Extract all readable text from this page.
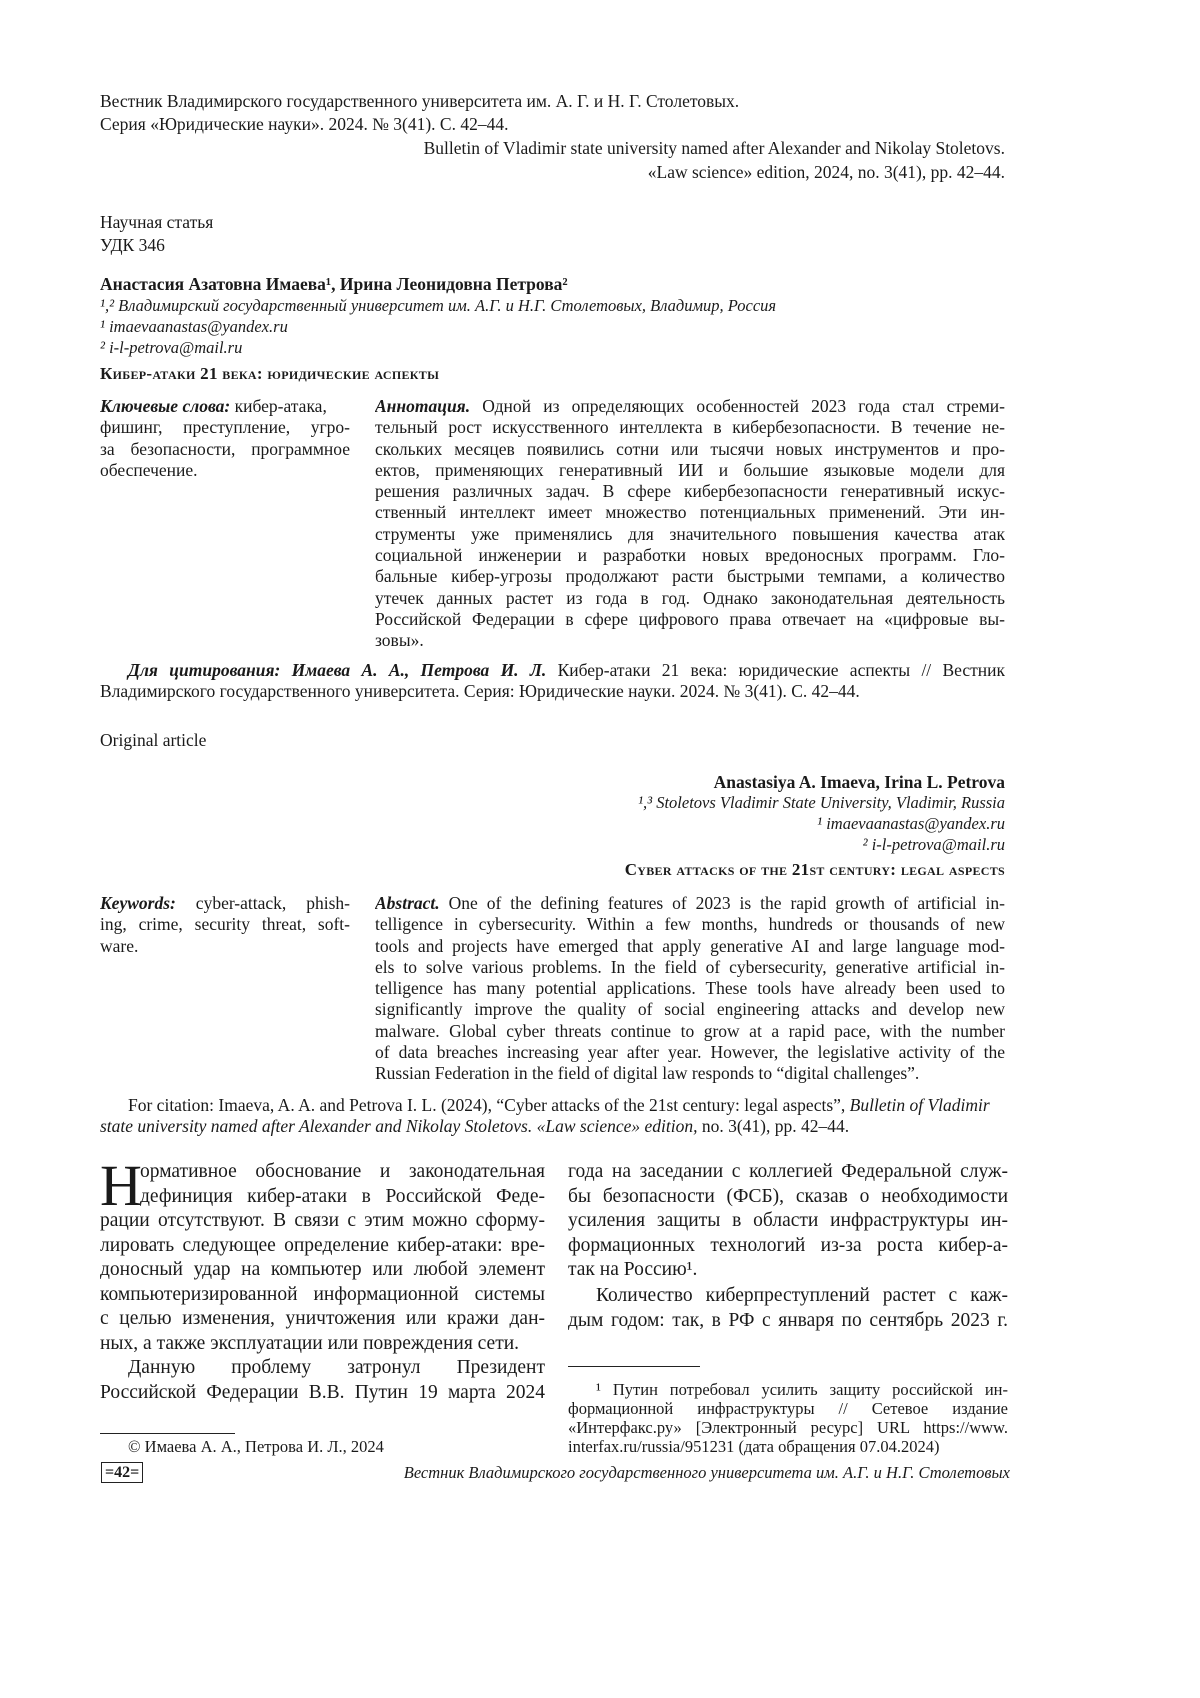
Вестник Владимирского государственного университета им. А. Г. и Н. Г. Столетовых.
Серия «Юридические науки». 2024. № 3(41). С. 42–44.
Bulletin of Vladimir state university named after Alexander and Nikolay Stoletovs.
«Law science» edition, 2024, no. 3(41), pp. 42–44.
Научная статья
УДК 346
Анастасия Азатовна Имаева¹, Ирина Леонидовна Петрова²
¹,² Владимирский государственный университет им. А.Г. и Н.Г. Столетовых, Владимир, Россия
¹ imaevaanastas@yandex.ru
² i-l-petrova@mail.ru
Кибер-атаки 21 века: юридические аспекты
Ключевые слова: кибер-атака,
фишинг, преступление, угро-
за безопасности, программное
обеспечение.
Аннотация. Одной из определяющих особенностей 2023 года стал стреми-
тельный рост искусственного интеллекта в кибербезопасности. В течение не-
скольких месяцев появились сотни или тысячи новых инструментов и про-
ектов, применяющих генеративный ИИ и большие языковые модели для
решения различных задач. В сфере кибербезопасности генеративный искус-
ственный интеллект имеет множество потенциальных применений. Эти ин-
струменты уже применялись для значительного повышения качества атак
социальной инженерии и разработки новых вредоносных программ. Гло-
бальные кибер-угрозы продолжают расти быстрыми темпами, а количество
утечек данных растет из года в год. Однако законодательная деятельность
Российской Федерации в сфере цифрового права отвечает на «цифровые вы-
зовы».
Для цитирования: Имаева А. А., Петрова И. Л. Кибер-атаки 21 века: юридические аспекты // Вестник
Владимирского государственного университета. Серия: Юридические науки. 2024. № 3(41). С. 42–44.
Original article
Anastasiya A. Imaeva, Irina L. Petrova
¹,³ Stoletovs Vladimir State University, Vladimir, Russia
¹ imaevaanastas@yandex.ru
² i-l-petrova@mail.ru
Cyber attacks of the 21st century: legal aspects
Keywords: cyber-attack, phish-
ing, crime, security threat, soft-
ware.
Abstract. One of the defining features of 2023 is the rapid growth of artificial in-
telligence in cybersecurity. Within a few months, hundreds or thousands of new
tools and projects have emerged that apply generative AI and large language mod-
els to solve various problems. In the field of cybersecurity, generative artificial in-
telligence has many potential applications. These tools have already been used to
significantly improve the quality of social engineering attacks and develop new
malware. Global cyber threats continue to grow at a rapid pace, with the number
of data breaches increasing year after year. However, the legislative activity of the
Russian Federation in the field of digital law responds to “digital challenges”.
For citation: Imaeva, A. A. and Petrova I. L. (2024), “Cyber attacks of the 21st century: legal aspects”, Bulletin of Vladimir
state university named after Alexander and Nikolay Stoletovs. «Law science» edition, no. 3(41), pp. 42–44.
Н
ормативное обоснование и законодательная
дефиниция кибер-атаки в Российской Феде-
рации отсутствуют. В связи с этим можно сформу-
лировать следующее определение кибер-атаки: вре-
доносный удар на компьютер или любой элемент
компьютеризированной информационной системы
с целью изменения, уничтожения или кражи дан-
ных, а также эксплуатации или повреждения сети.
Данную проблему затронул Президент
Российской Федерации В.В. Путин 19 марта 2024
года на заседании с коллегией Федеральной служ-
бы безопасности (ФСБ), сказав о необходимости
усиления защиты в области инфраструктуры ин-
формационных технологий из-за роста кибер-а-
так на Россию¹.
Количество киберпреступлений растет с каж-
дым годом: так, в РФ с января по сентябрь 2023 г.
¹ Путин потребовал усилить защиту российской ин-
формационной инфраструктуры // Сетевое издание
«Интерфакс.ру» [Электронный ресурс] URL https://www.
interfax.ru/russia/951231 (дата обращения 07.04.2024)
© Имаева А. А., Петрова И. Л., 2024
=42=	Вестник Владимирского государственного университета им. А.Г. и Н.Г. Столетовых
